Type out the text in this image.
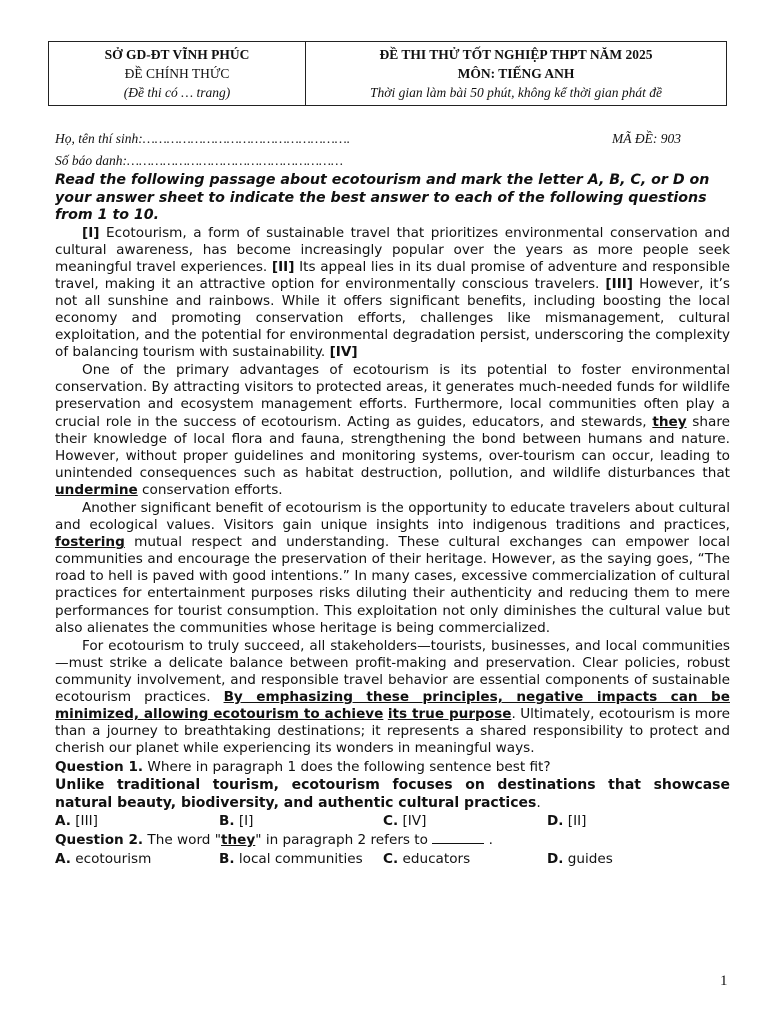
SỞ GD-ĐT VĨNH PHÚC
ĐỀ CHÍNH THỨC
(Đề thi có … trang)
ĐỀ THI THỬ TỐT NGHIỆP THPT NĂM 2025
MÔN: TIẾNG ANH
Thời gian làm bài 50 phút, không kể thời gian phát đề
Họ, tên thí sinh:…………………………………………….	MÃ ĐỀ: 903
Số báo danh:………………………………………………

Read the following passage about ecotourism and mark the letter A, B, C, or D on your answer sheet to indicate the best answer to each of the following questions from 1 to 10.

[I] Ecotourism, a form of sustainable travel that prioritizes environmental conservation and cultural awareness, has become increasingly popular over the years as more people seek meaningful travel experiences. [II] Its appeal lies in its dual promise of adventure and responsible travel, making it an attractive option for environmentally conscious travelers. [III] However, it’s not all sunshine and rainbows. While it offers significant benefits, including boosting the local economy and promoting conservation efforts, challenges like mismanagement, cultural exploitation, and the potential for environmental degradation persist, underscoring the complexity of balancing tourism with sustainability. [IV]

One of the primary advantages of ecotourism is its potential to foster environmental conservation. By attracting visitors to protected areas, it generates much-needed funds for wildlife preservation and ecosystem management efforts. Furthermore, local communities often play a crucial role in the success of ecotourism. Acting as guides, educators, and stewards, they share their knowledge of local flora and fauna, strengthening the bond between humans and nature. However, without proper guidelines and monitoring systems, over-tourism can occur, leading to unintended consequences such as habitat destruction, pollution, and wildlife disturbances that undermine conservation efforts.

Another significant benefit of ecotourism is the opportunity to educate travelers about cultural and ecological values. Visitors gain unique insights into indigenous traditions and practices, fostering mutual respect and understanding. These cultural exchanges can empower local communities and encourage the preservation of their heritage. However, as the saying goes, “The road to hell is paved with good intentions.” In many cases, excessive commercialization of cultural practices for entertainment purposes risks diluting their authenticity and reducing them to mere performances for tourist consumption. This exploitation not only diminishes the cultural value but also alienates the communities whose heritage is being commercialized.

For ecotourism to truly succeed, all stakeholders—tourists, businesses, and local communities—must strike a delicate balance between profit-making and preservation. Clear policies, robust community involvement, and responsible travel behavior are essential components of sustainable ecotourism practices. By emphasizing these principles, negative impacts can be minimized, allowing ecotourism to achieve its true purpose. Ultimately, ecotourism is more than a journey to breathtaking destinations; it represents a shared responsibility to protect and cherish our planet while experiencing its wonders in meaningful ways.

Question 1. Where in paragraph 1 does the following sentence best fit?

Unlike traditional tourism, ecotourism focuses on destinations that showcase natural beauty, biodiversity, and authentic cultural practices.

A. [III]	B. [I]	C. [IV]	D. [II]

Question 2. The word "they" in paragraph 2 refers to	.

A. ecotourism	B. local communities	C. educators	D. guides
1
